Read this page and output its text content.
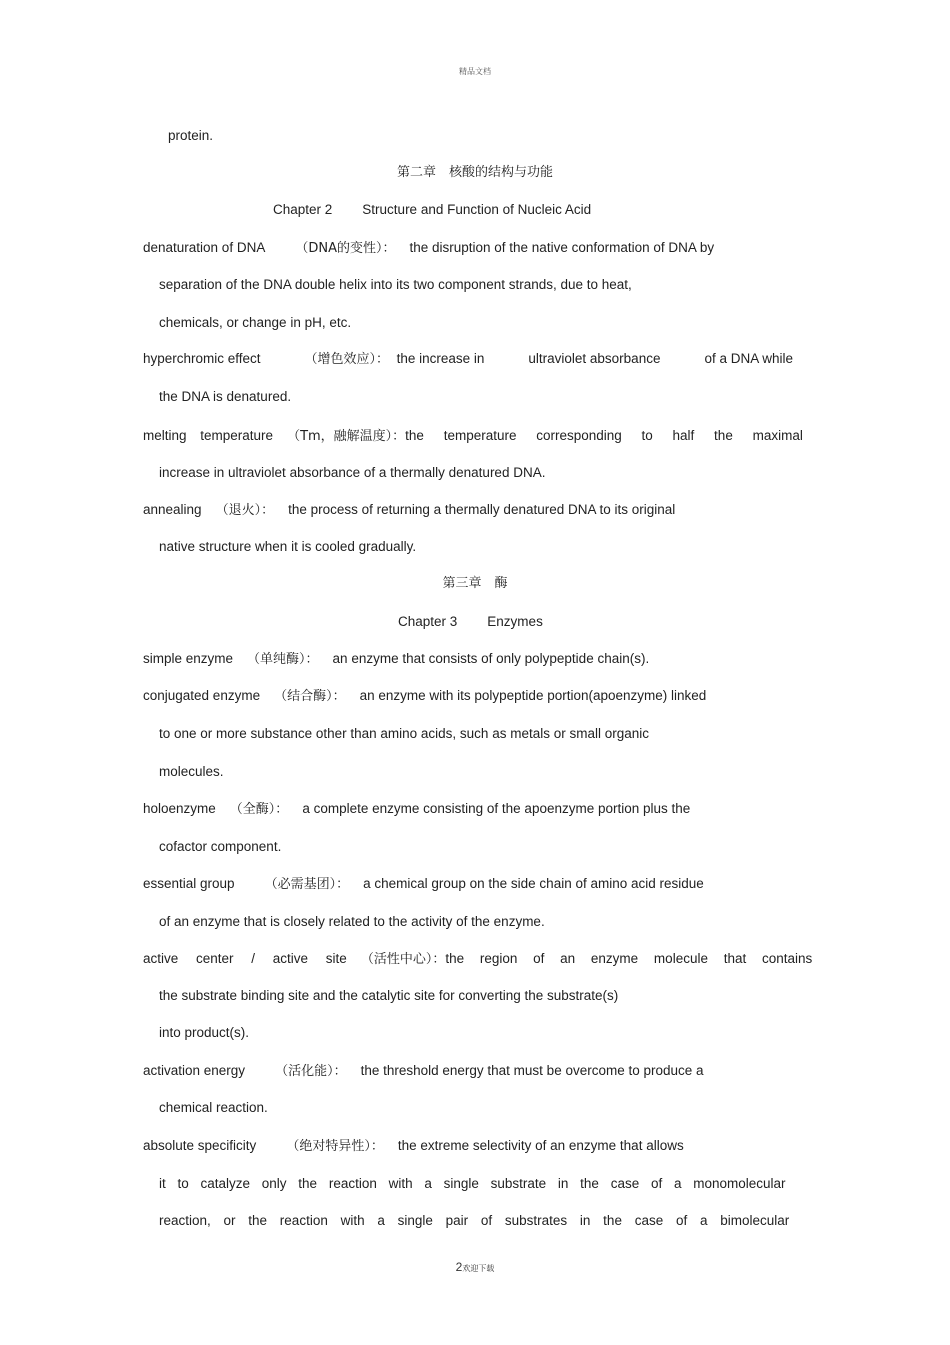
精品文档
protein.
第二章　核酸的结构与功能
Chapter 2 Structure and Function of Nucleic Acid
denaturation of DNA （DNA的变性）： the disruption of the native conformation of DNA by
separation of the DNA double helix into its two component strands, due to heat,
chemicals, or change in pH, etc.
hyperchromic effect	（增色效应）： the increase in	ultraviolet absorbance	of a DNA while
the DNA is denatured.
melting temperature （Tm，融解温度）：the temperature corresponding to half the maximal
increase in ultraviolet absorbance of a thermally denatured DNA.
annealing （退火）： the process of returning a thermally denatured DNA to its original
native structure when it is cooled gradually.
第三章　酶
Chapter 3 Enzymes
simple enzyme （单纯酶）： an enzyme that consists of only polypeptide chain(s).
conjugated enzyme （结合酶）： an enzyme with its polypeptide portion(apoenzyme) linked
to one or more substance other than amino acids, such as metals or small organic
molecules.
holoenzyme （全酶）： a complete enzyme consisting of the apoenzyme portion plus the
cofactor component.
essential group （必需基团）： a chemical group on the side chain of amino acid residue
of an enzyme that is closely related to the activity of the enzyme.
active center / active site （活性中心）：the region of an enzyme molecule that contains
the substrate binding site and the catalytic site for converting the substrate(s)
into product(s).
activation energy （活化能）： the threshold energy that must be overcome to produce a
chemical reaction.
absolute specificity （绝对特异性）： the extreme selectivity of an enzyme that allows
it to catalyze only the reaction with a single substrate in the case of a monomolecular
reaction, or the reaction with a single pair of substrates in the case of a bimolecular
2欢迎下载
